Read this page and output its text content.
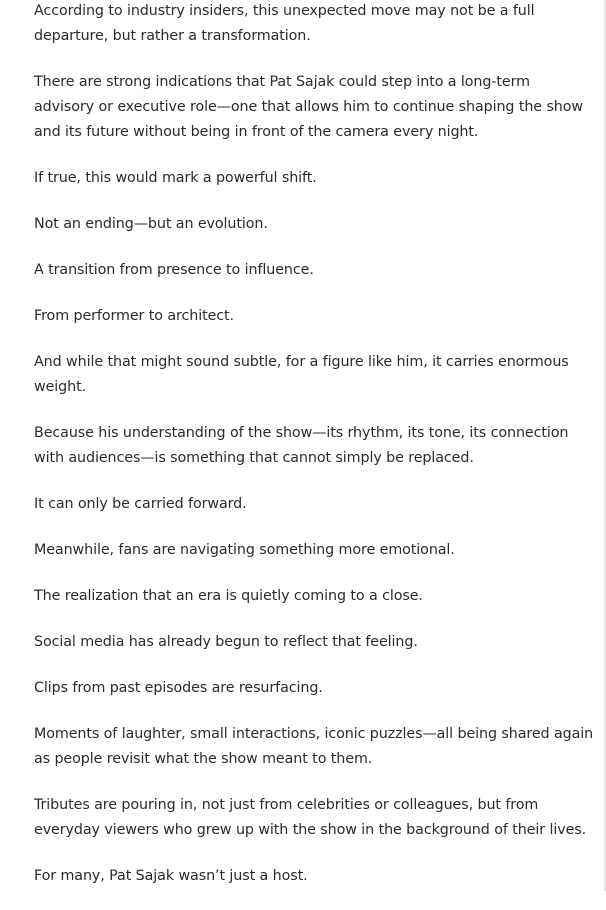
According to industry insiders, this unexpected move may not be a full departure, but rather a transformation.

There are strong indications that Pat Sajak could step into a long-term advisory or executive role—one that allows him to continue shaping the show and its future without being in front of the camera every night.

If true, this would mark a powerful shift.

Not an ending—but an evolution.

A transition from presence to influence.

From performer to architect.

And while that might sound subtle, for a figure like him, it carries enormous weight.

Because his understanding of the show—its rhythm, its tone, its connection with audiences—is something that cannot simply be replaced.

It can only be carried forward.

Meanwhile, fans are navigating something more emotional.

The realization that an era is quietly coming to a close.

Social media has already begun to reflect that feeling.

Clips from past episodes are resurfacing.

Moments of laughter, small interactions, iconic puzzles—all being shared again as people revisit what the show meant to them.

Tributes are pouring in, not just from celebrities or colleagues, but from everyday viewers who grew up with the show in the background of their lives.

For many, Pat Sajak wasn’t just a host.
